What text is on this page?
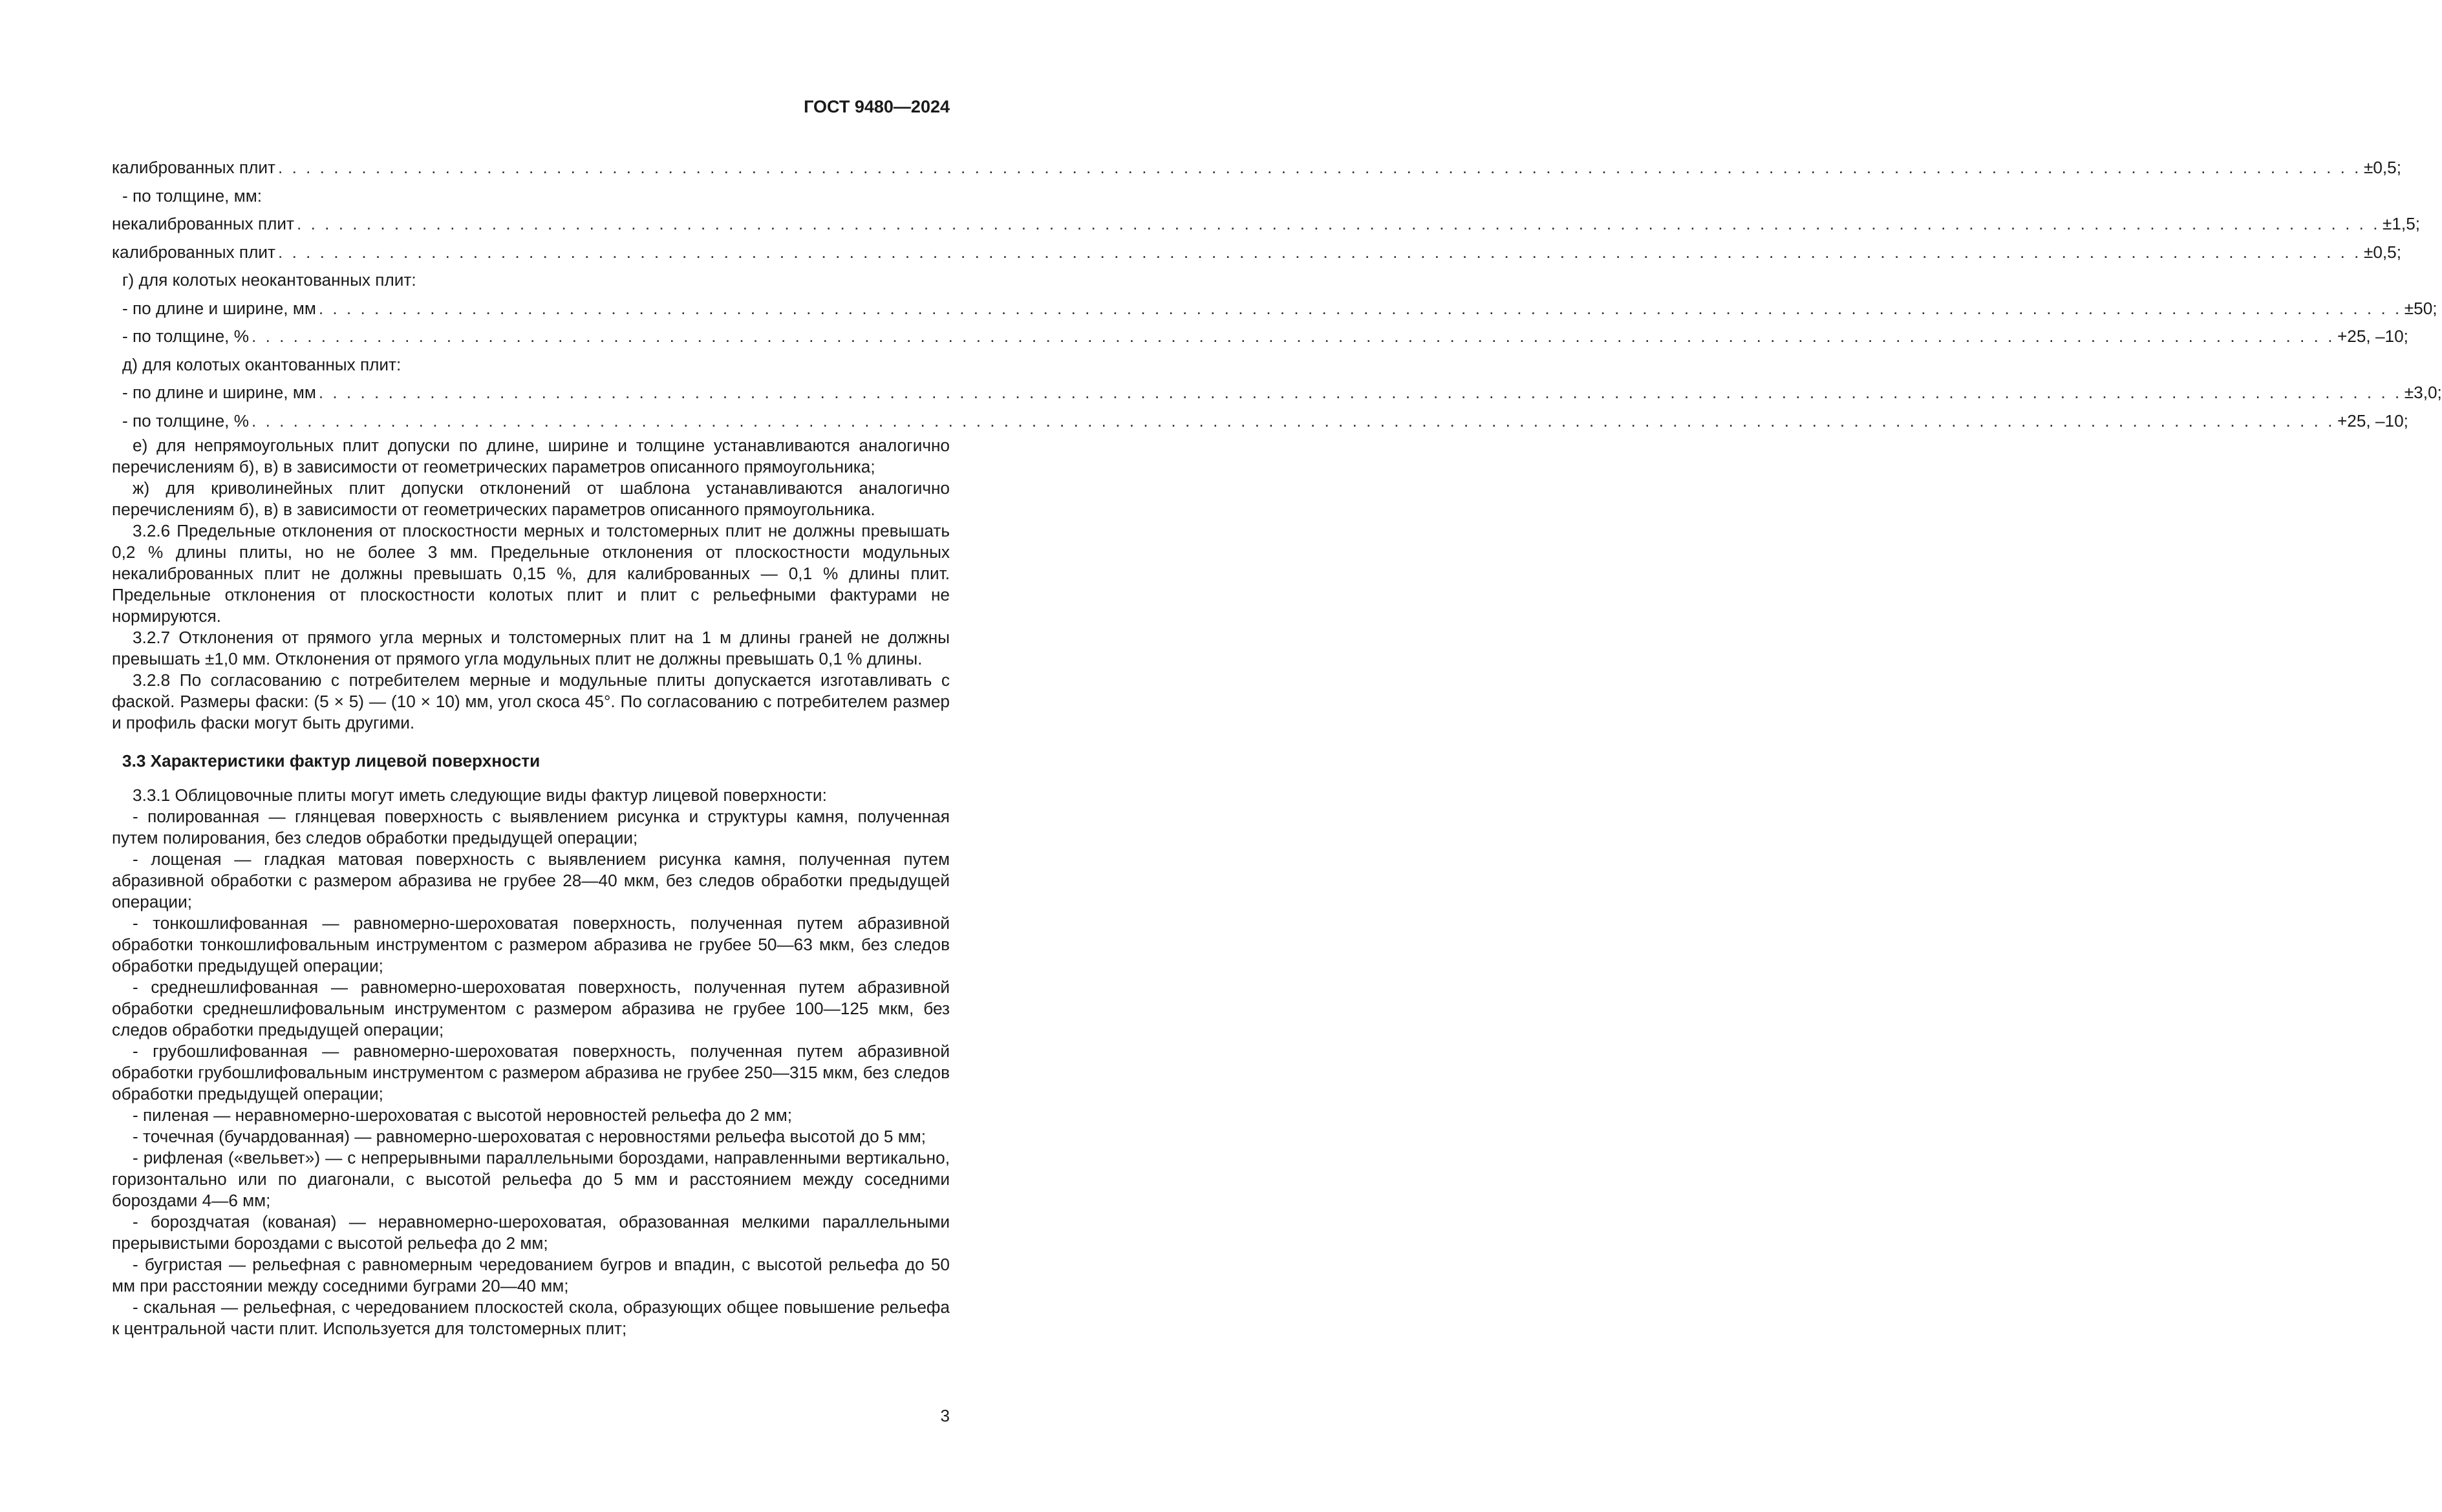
ГОСТ 9480—2024
калиброванных плит . . . . . . . . . . . . . . . . . . . . . . . . . . . . . . . . . . . . . . . . . . . . . . . . . . . . . . . . . . . . . . . . . . . . . . . . . . . . . . . . . . . . . . . . . . . . . . . . . . . . . . . . . . . . . . . . . . . . . . . . . . . . . . . . . . . . . . . . . . . . . . . . . . . . . . ±0,5;
- по толщине, мм:
некалиброванных плит . . . . . . . . . . . . . . . . . . . . . . . . . . . . . . . . . . . . . . . . . . . . . . . . . . . . . . . . . . . . . . . . . . . . . . . . . . . . . . . . . . . . . . . . . . . . . . . . . . . . . . . . . . . . . . . . . . . . . . . . . . . . . . . . . . . . . . . . . . . . . . . . . . . . . . ±1,5;
калиброванных плит . . . . . . . . . . . . . . . . . . . . . . . . . . . . . . . . . . . . . . . . . . . . . . . . . . . . . . . . . . . . . . . . . . . . . . . . . . . . . . . . . . . . . . . . . . . . . . . . . . . . . . . . . . . . . . . . . . . . . . . . . . . . . . . . . . . . . . . . . . . . . . . . . . . . . . ±0,5;
г) для колотых неокантованных плит:
- по длине и ширине, мм . . . . . . . . . . . . . . . . . . . . . . . . . . . . . . . . . . . . . . . . . . . . . . . . . . . . . . . . . . . . . . . . . . . . . . . . . . . . . . . . . . . . . . . . . . . . . . . . . . . . . . . . . . . . . . . . . . . . . . . . . . . . . . . . . . . . . . . . . . . . . . . . . . . . . . ±50;
- по толщине, % . . . . . . . . . . . . . . . . . . . . . . . . . . . . . . . . . . . . . . . . . . . . . . . . . . . . . . . . . . . . . . . . . . . . . . . . . . . . . . . . . . . . . . . . . . . . . . . . . . . . . . . . . . . . . . . . . . . . . . . . . . . . . . . . . . . . . . . . . . . . . . . . . . . . . . +25, –10;
д) для колотых окантованных плит:
- по длине и ширине, мм . . . . . . . . . . . . . . . . . . . . . . . . . . . . . . . . . . . . . . . . . . . . . . . . . . . . . . . . . . . . . . . . . . . . . . . . . . . . . . . . . . . . . . . . . . . . . . . . . . . . . . . . . . . . . . . . . . . . . . . . . . . . . . . . . . . . . . . . . . . . . . . . . . . . . . ±3,0;
- по толщине, % . . . . . . . . . . . . . . . . . . . . . . . . . . . . . . . . . . . . . . . . . . . . . . . . . . . . . . . . . . . . . . . . . . . . . . . . . . . . . . . . . . . . . . . . . . . . . . . . . . . . . . . . . . . . . . . . . . . . . . . . . . . . . . . . . . . . . . . . . . . . . . . . . . . . . . +25, –10;

е) для непрямоугольных плит допуски по длине, ширине и толщине устанавливаются аналогично перечислениям б), в) в зависимости от геометрических параметров описанного прямоугольника;

ж) для криволинейных плит допуски отклонений от шаблона устанавливаются аналогично перечислениям б), в) в зависимости от геометрических параметров описанного прямоугольника.

3.2.6 Предельные отклонения от плоскостности мерных и толстомерных плит не должны превышать 0,2 % длины плиты, но не более 3 мм. Предельные отклонения от плоскостности модульных некалиброванных плит не должны превышать 0,15 %, для калиброванных — 0,1 % длины плит. Предельные отклонения от плоскостности колотых плит и плит с рельефными фактурами не нормируются.

3.2.7 Отклонения от прямого угла мерных и толстомерных плит на 1 м длины граней не должны превышать ±1,0 мм. Отклонения от прямого угла модульных плит не должны превышать 0,1 % длины.

3.2.8 По согласованию с потребителем мерные и модульные плиты допускается изготавливать с фаской. Размеры фаски: (5 × 5) — (10 × 10) мм, угол скоса 45°. По согласованию с потребителем размер и профиль фаски могут быть другими.

3.3 Характеристики фактур лицевой поверхности

3.3.1 Облицовочные плиты могут иметь следующие виды фактур лицевой поверхности:

- полированная — глянцевая поверхность с выявлением рисунка и структуры камня, полученная путем полирования, без следов обработки предыдущей операции;

- лощеная — гладкая матовая поверхность с выявлением рисунка камня, полученная путем абразивной обработки с размером абразива не грубее 28—40 мкм, без следов обработки предыдущей операции;

- тонкошлифованная — равномерно-шероховатая поверхность, полученная путем абразивной обработки тонкошлифовальным инструментом с размером абразива не грубее 50—63 мкм, без следов обработки предыдущей операции;

- среднешлифованная — равномерно-шероховатая поверхность, полученная путем абразивной обработки среднешлифовальным инструментом с размером абразива не грубее 100—125 мкм, без следов обработки предыдущей операции;

- грубошлифованная — равномерно-шероховатая поверхность, полученная путем абразивной обработки грубошлифовальным инструментом с размером абразива не грубее 250—315 мкм, без следов обработки предыдущей операции;

- пиленая — неравномерно-шероховатая с высотой неровностей рельефа до 2 мм;

- точечная (бучардованная) — равномерно-шероховатая с неровностями рельефа высотой до 5 мм;

- рифленая («вельвет») — с непрерывными параллельными бороздами, направленными вертикально, горизонтально или по диагонали, с высотой рельефа до 5 мм и расстоянием между соседними бороздами 4—6 мм;

- бороздчатая (кованая) — неравномерно-шероховатая, образованная мелкими параллельными прерывистыми бороздами с высотой рельефа до 2 мм;

- бугристая — рельефная с равномерным чередованием бугров и впадин, с высотой рельефа до 50 мм при расстоянии между соседними буграми 20—40 мм;

- скальная — рельефная, с чередованием плоскостей скола, образующих общее повышение рельефа к центральной части плит. Используется для толстомерных плит;

3
